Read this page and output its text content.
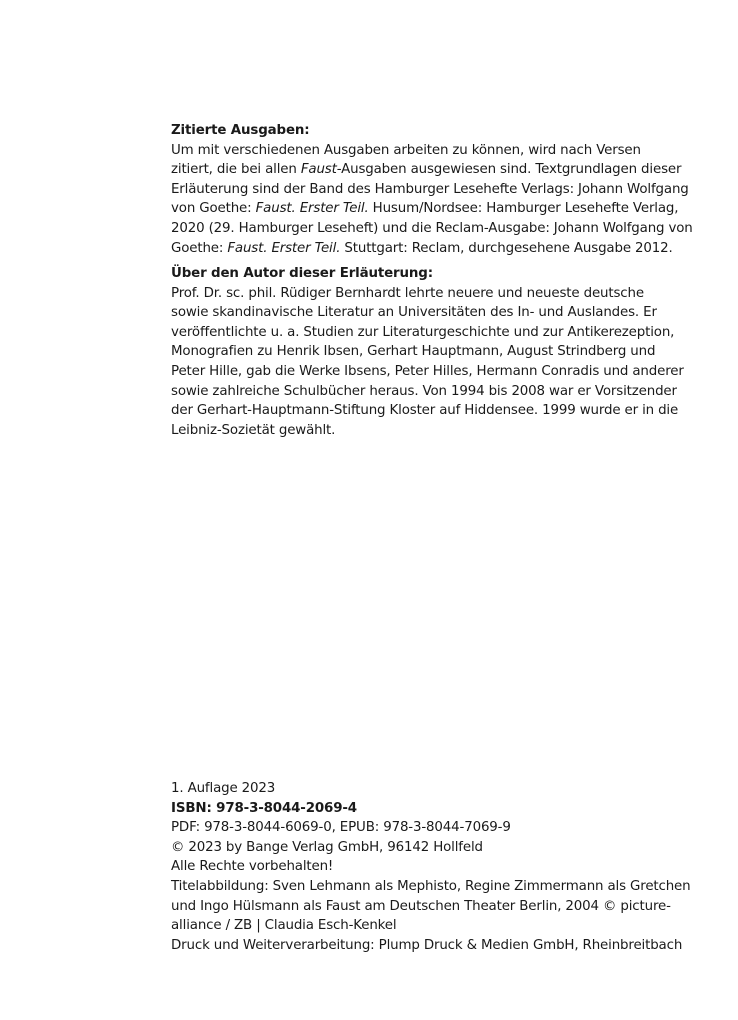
Zitierte Ausgaben:
Um mit verschiedenen Ausgaben arbeiten zu können, wird nach Versen
zitiert, die bei allen Faust-Ausgaben ausgewiesen sind. Textgrundlagen dieser
Erläuterung sind der Band des Hamburger Lesehefte Verlags: Johann Wolfgang
von Goethe: Faust. Erster Teil. Husum/Nordsee: Hamburger Lesehefte Verlag,
2020 (29. Hamburger Leseheft) und die Reclam-Ausgabe: Johann Wolfgang von
Goethe: Faust. Erster Teil. Stuttgart: Reclam, durchgesehene Ausgabe 2012.
Über den Autor dieser Erläuterung:
Prof. Dr. sc. phil. Rüdiger Bernhardt lehrte neuere und neueste deutsche
sowie skandinavische Literatur an Universitäten des In- und Auslandes. Er
veröffentlichte u. a. Studien zur Literaturgeschichte und zur Antikerezeption,
Monografien zu Henrik Ibsen, Gerhart Hauptmann, August Strindberg und
Peter Hille, gab die Werke Ibsens, Peter Hilles, Hermann Conradis und anderer
sowie zahlreiche Schulbücher heraus. Von 1994 bis 2008 war er Vorsitzender
der Gerhart-Hauptmann-Stiftung Kloster auf Hiddensee. 1999 wurde er in die
Leibniz-Sozietät gewählt.
1. Auflage 2023
ISBN: 978-3-8044-2069-4
PDF: 978-3-8044-6069-0, EPUB: 978-3-8044-7069-9
© 2023 by Bange Verlag GmbH, 96142 Hollfeld
Alle Rechte vorbehalten!
Titelabbildung: Sven Lehmann als Mephisto, Regine Zimmermann als Gretchen
und Ingo Hülsmann als Faust am Deutschen Theater Berlin, 2004 © picture-
alliance / ZB | Claudia Esch-Kenkel
Druck und Weiterverarbeitung: Plump Druck & Medien GmbH, Rheinbreitbach
